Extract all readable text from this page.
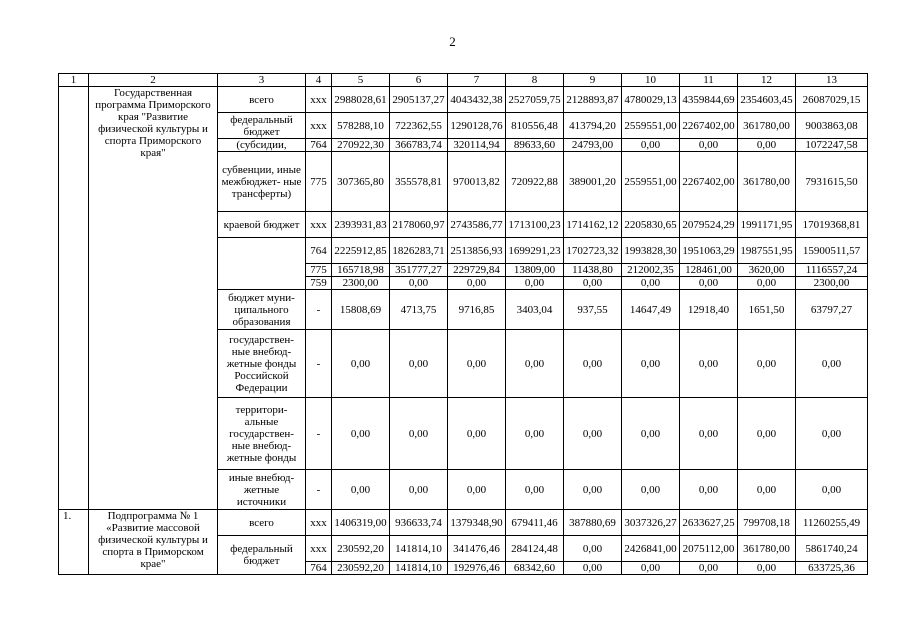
2
1	2	3	4	5	6	7	8	9	10	11	12	13
	Государственная программа Приморского края "Развитие физической культуры и спорта Приморского края"	всего	xxx	2988028,61	2905137,27	4043432,38	2527059,75	2128893,87	4780029,13	4359844,69	2354603,45	26087029,15
		федеральный бюджет	xxx	578288,10	722362,55	1290128,76	810556,48	413794,20	2559551,00	2267402,00	361780,00	9003863,08
		(субсидии,	764	270922,30	366783,74	320114,94	89633,60	24793,00	0,00	0,00	0,00	1072247,58
		субвенции, иные межбюджет- ные трансферты)	775	307365,80	355578,81	970013,82	720922,88	389001,20	2559551,00	2267402,00	361780,00	7931615,50
		краевой бюджет	xxx	2393931,83	2178060,97	2743586,77	1713100,23	1714162,12	2205830,65	2079524,29	1991171,95	17019368,81
			764	2225912,85	1826283,71	2513856,93	1699291,23	1702723,32	1993828,30	1951063,29	1987551,95	15900511,57
			775	165718,98	351777,27	229729,84	13809,00	11438,80	212002,35	128461,00	3620,00	1116557,24
			759	2300,00	0,00	0,00	0,00	0,00	0,00	0,00	0,00	2300,00
		бюджет муни- ципального образования	-	15808,69	4713,75	9716,85	3403,04	937,55	14647,49	12918,40	1651,50	63797,27
		государствен- ные внебюд- жетные фонды Российской Федерации	-	0,00	0,00	0,00	0,00	0,00	0,00	0,00	0,00	0,00
		территори- альные государствен- ные внебюд- жетные фонды	-	0,00	0,00	0,00	0,00	0,00	0,00	0,00	0,00	0,00
		иные внебюд- жетные источники	-	0,00	0,00	0,00	0,00	0,00	0,00	0,00	0,00	0,00
1.	Подпрограмма № 1 «Развитие массовой физической культуры и спорта в Приморском крае"	всего	xxx	1406319,00	936633,74	1379348,90	679411,46	387880,69	3037326,27	2633627,25	799708,18	11260255,49
		федеральный бюджет	xxx	230592,20	141814,10	341476,46	284124,48	0,00	2426841,00	2075112,00	361780,00	5861740,24
			764	230592,20	141814,10	192976,46	68342,60	0,00	0,00	0,00	0,00	633725,36
